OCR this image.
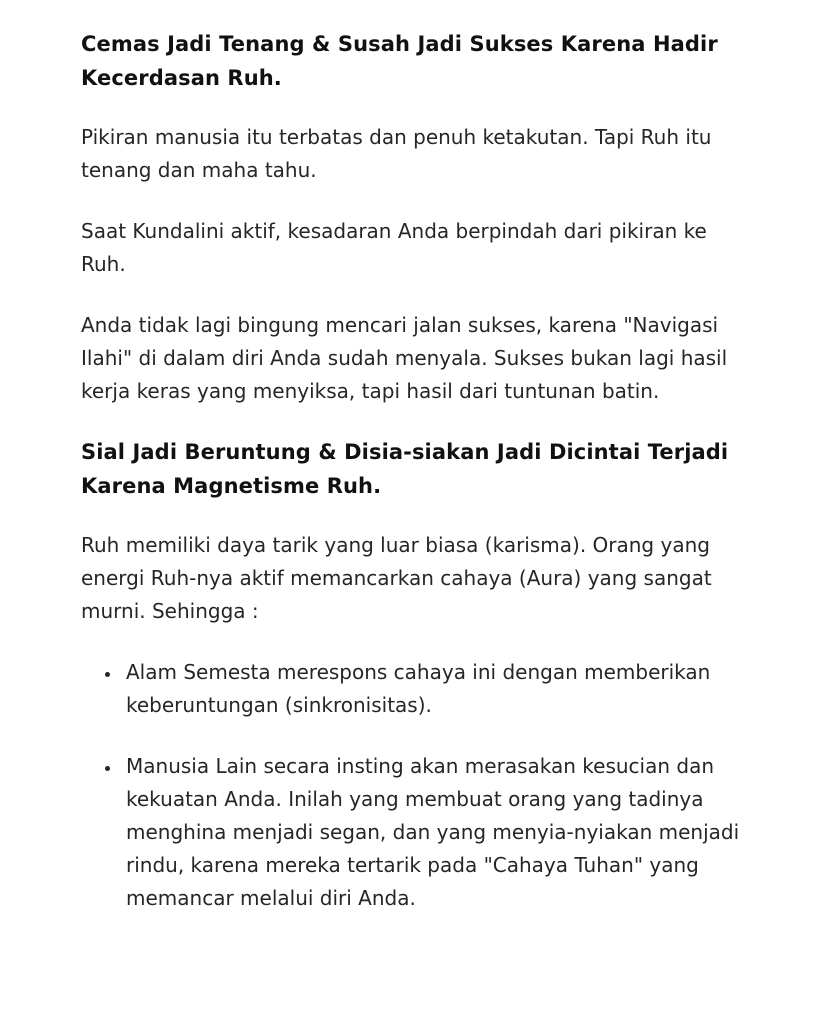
Cemas Jadi Tenang & Susah Jadi Sukses Karena Hadir Kecerdasan Ruh.

Pikiran manusia itu terbatas dan penuh ketakutan. Tapi Ruh itu tenang dan maha tahu.

Saat Kundalini aktif, kesadaran Anda berpindah dari pikiran ke Ruh.

Anda tidak lagi bingung mencari jalan sukses, karena "Navigasi Ilahi" di dalam diri Anda sudah menyala. Sukses bukan lagi hasil kerja keras yang menyiksa, tapi hasil dari tuntunan batin.

Sial Jadi Beruntung & Disia-siakan Jadi Dicintai Terjadi Karena Magnetisme Ruh.

Ruh memiliki daya tarik yang luar biasa (karisma). Orang yang energi Ruh-nya aktif memancarkan cahaya (Aura) yang sangat murni. Sehingga :

• Alam Semesta merespons cahaya ini dengan memberikan keberuntungan (sinkronisitas).
• Manusia Lain secara insting akan merasakan kesucian dan kekuatan Anda. Inilah yang membuat orang yang tadinya menghina menjadi segan, dan yang menyia-nyiakan menjadi rindu, karena mereka tertarik pada "Cahaya Tuhan" yang memancar melalui diri Anda.
